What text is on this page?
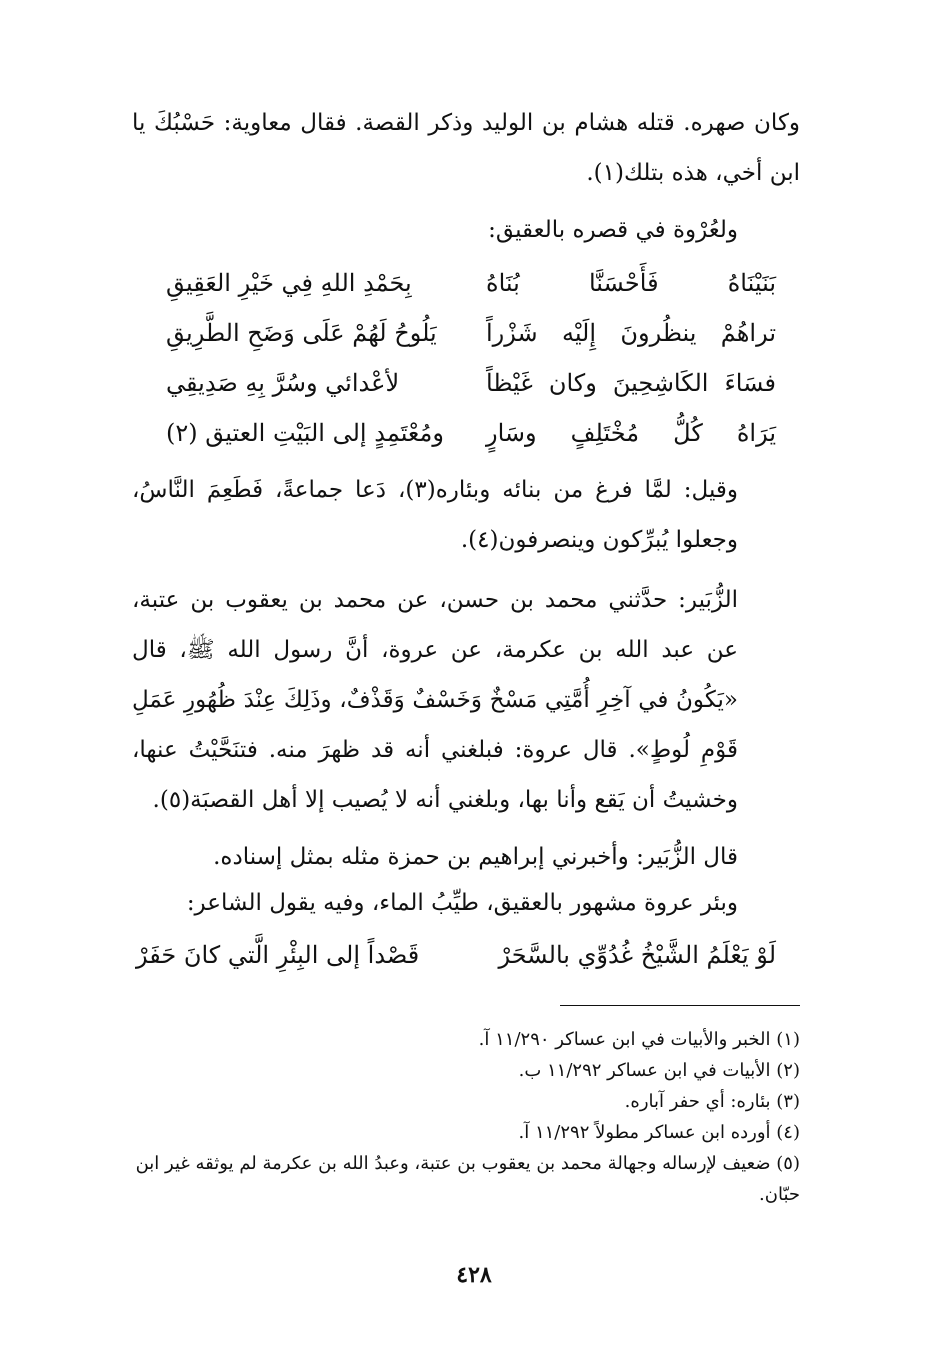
وكان صهره. قتله هشام بن الوليد وذكر القصة. فقال معاوية: حَسْبُكَ يا ابن أخي، هذه بتلك(١).
ولعُرْوة في قصره بالعقيق:
بَنَيْنَاهُ فَأَحْسَنَّا بُنَاهُ
بِحَمْدِ اللهِ فِي خَيْرِ العَقِيقِ
تراهُمْ ينظُرونَ إِلَيْه شَزْراً
يَلُوحُ لَهُمْ عَلَى وَضَحِ الطَّرِيقِ
فسَاءَ الكَاشِحِينَ وكان غَيْظاً
لأعْدائي وسُرَّ بِهِ صَدِيقِي
يَرَاهُ كُلُّ مُخْتَلِفٍ وسَارٍ
ومُعْتَمِدٍ إلى البَيْتِ العتيق (٢)
وقيل: لمَّا فرغ من بنائه وبئاره(٣)، دَعا جماعةً، فَطَعِمَ النَّاسُ، وجعلوا يُبرِّكون وينصرفون(٤).
الزُّبَير: حدَّثني محمد بن حسن، عن محمد بن يعقوب بن عتبة، عن عبد الله بن عكرمة، عن عروة، أنَّ رسول الله ﷺ، قال «يَكُونُ في آخِرِ أُمَّتِي مَسْخٌ وَخَسْفٌ وَقَذْفٌ، وذَلِكَ عِنْدَ ظُهُورِ عَمَلِ قَوْمِ لُوطٍ». قال عروة: فبلغني أنه قد ظهرَ منه. فتنَحَّيْتُ عنها، وخشيتُ أن يَقع وأنا بها، وبلغني أنه لا يُصيب إلا أهل القصبَة(٥).
قال الزُّبَير: وأخبرني إبراهيم بن حمزة مثله بمثل إسناده.
وبئر عروة مشهور بالعقيق، طيِّبُ الماء، وفيه يقول الشاعر:
لَوْ يَعْلَمُ الشَّيْخُ غُدُوِّي بالسَّحَرْ
قَصْداً إلى البِئْرِ الَّتي كانَ حَفَرْ
(١) الخبر والأبيات في ابن عساكر ١١/٢٩٠ آ.
(٢) الأبيات في ابن عساكر ١١/٢٩٢ ب.
(٣) بئاره: أي حفر آباره.
(٤) أورده ابن عساكر مطولاً ١١/٢٩٢ آ.
(٥) ضعيف لإرساله وجهالة محمد بن يعقوب بن عتبة، وعبدُ الله بن عكرمة لم يوثقه غير ابن حبّان.
٤٢٨
